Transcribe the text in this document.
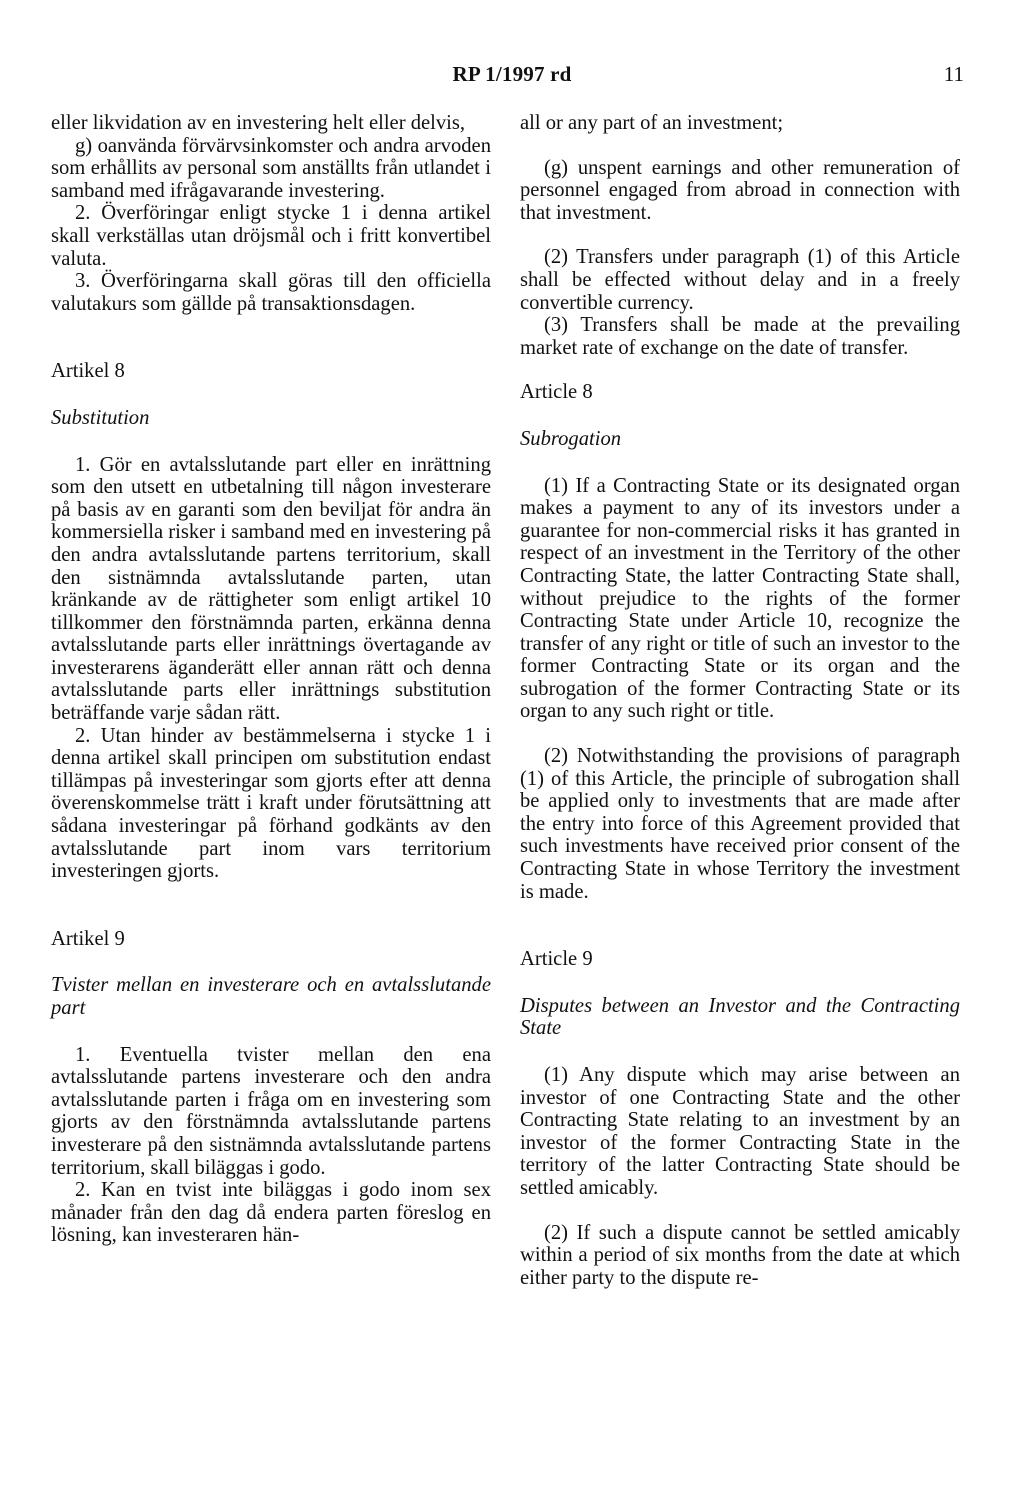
RP 1/1997 rd	11

eller likvidation av en investering helt eller delvis,

g) oanvända förvärvsinkomster och andra arvoden som erhållits av personal som anställts från utlandet i samband med ifrågavarande investering.

2. Överföringar enligt stycke 1 i denna artikel skall verkställas utan dröjsmål och i fritt konvertibel valuta.

3. Överföringarna skall göras till den officiella valutakurs som gällde på transaktionsdagen.

Artikel 8

Substitution

1. Gör en avtalsslutande part eller en inrättning som den utsett en utbetalning till någon investerare på basis av en garanti som den beviljat för andra än kommersiella risker i samband med en investering på den andra avtalsslutande partens territorium, skall den sistnämnda avtalsslutande parten, utan kränkande av de rättigheter som enligt artikel 10 tillkommer den förstnämnda parten, erkänna denna avtalsslutande parts eller inrättnings övertagande av investerarens äganderätt eller annan rätt och denna avtalsslutande parts eller inrättnings substitution beträffande varje sådan rätt.

2. Utan hinder av bestämmelserna i stycke 1 i denna artikel skall principen om substitution endast tillämpas på investeringar som gjorts efter att denna överenskommelse trätt i kraft under förutsättning att sådana investeringar på förhand godkänts av den avtalsslutande part inom vars territorium investeringen gjorts.

Artikel 9

Tvister mellan en investerare och en avtalsslutande part

1. Eventuella tvister mellan den ena avtalsslutande partens investerare och den andra avtalsslutande parten i fråga om en investering som gjorts av den förstnämnda avtalsslutande partens investerare på den sistnämnda avtalsslutande partens territorium, skall biläggas i godo.

2. Kan en tvist inte biläggas i godo inom sex månader från den dag då endera parten föreslog en lösning, kan investeraren hän-

all or any part of an investment;

(g) unspent earnings and other remuneration of personnel engaged from abroad in connection with that investment.

(2) Transfers under paragraph (1) of this Article shall be effected without delay and in a freely convertible currency.

(3) Transfers shall be made at the prevailing market rate of exchange on the date of transfer.

Article 8

Subrogation

(1) If a Contracting State or its designated organ makes a payment to any of its investors under a guarantee for non-commercial risks it has granted in respect of an investment in the Territory of the other Contracting State, the latter Contracting State shall, without prejudice to the rights of the former Contracting State under Article 10, recognize the transfer of any right or title of such an investor to the former Contracting State or its organ and the subrogation of the former Contracting State or its organ to any such right or title.

(2) Notwithstanding the provisions of paragraph (1) of this Article, the principle of subrogation shall be applied only to investments that are made after the entry into force of this Agreement provided that such investments have received prior consent of the Contracting State in whose Territory the investment is made.

Article 9

Disputes between an Investor and the Contracting State

(1) Any dispute which may arise between an investor of one Contracting State and the other Contracting State relating to an investment by an investor of the former Contracting State in the territory of the latter Contracting State should be settled amicably.

(2) If such a dispute cannot be settled amicably within a period of six months from the date at which either party to the dispute re-
